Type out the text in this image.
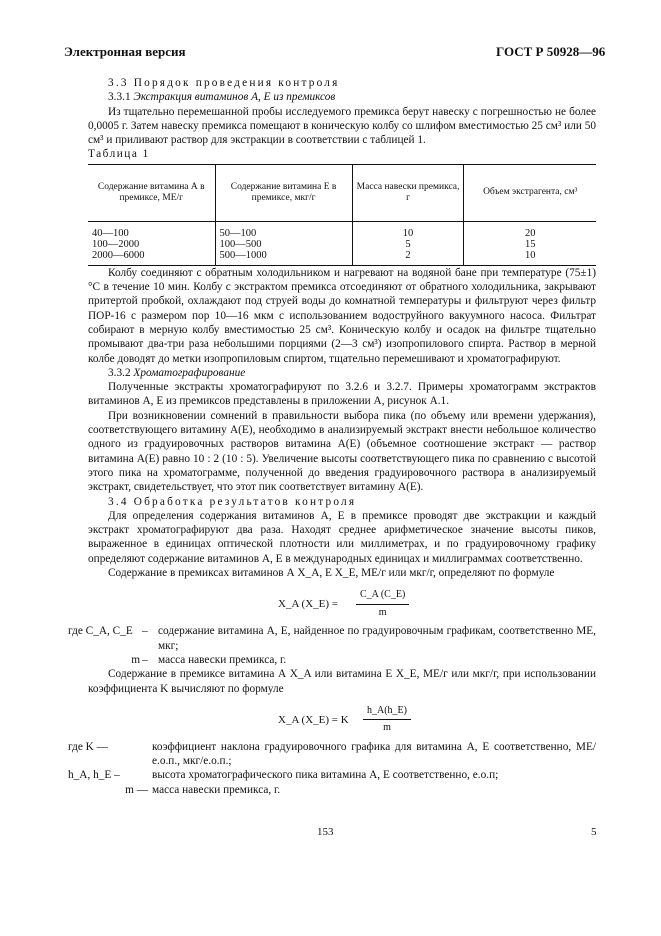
Электронная версия	ГОСТ Р 50928—96

3.3 Порядок проведения контроля

3.3.1 Экстракция витаминов А, Е из премиксов

Из тщательно перемешанной пробы исследуемого премикса берут навеску с погрешностью не более 0,0005 г. Затем навеску премикса помещают в коническую колбу со шлифом вместимостью 25 см³ или 50 см³ и приливают раствор для экстракции в соответствии с таблицей 1.

Таблица 1

Содержание витамина А в премиксе, МЕ/г	Содержание витамина Е в премиксе, мкг/г	Масса навески премикса, г	Объем экстрагента, см³
40—100	50—100	10	20
100—2000	100—500	5	15
2000—6000	500—1000	2	10

Колбу соединяют с обратным холодильником и нагревают на водяной бане при температуре (75±1) °С в течение 10 мин. Колбу с экстрактом премикса отсоединяют от обратного холодильника, закрывают притертой пробкой, охлаждают под струей воды до комнатной температуры и фильтруют через фильтр ПОР-16 с размером пор 10—16 мкм с использованием водоструйного вакуумного насоса. Фильтрат собирают в мерную колбу вместимостью 25 см³. Коническую колбу и осадок на фильтре тщательно промывают два-три раза небольшими порциями (2—3 см³) изопропилового спирта. Раствор в мерной колбе доводят до метки изопропиловым спиртом, тщательно перемешивают и хроматографируют.

3.3.2 Хроматографирование

Полученные экстракты хроматографируют по 3.2.6 и 3.2.7. Примеры хроматограмм экстрактов витаминов А, Е из премиксов представлены в приложении А, рисунок А.1.

При возникновении сомнений в правильности выбора пика (по объему или времени удержания), соответствующего витамину А(Е), необходимо в анализируемый экстракт внести небольшое количество одного из градуировочных растворов витамина А(Е) (объемное соотношение экстракт — раствор витамина А(Е) равно 10 : 2 (10 : 5). Увеличение высоты соответствующего пика по сравнению с высотой этого пика на хроматограмме, полученной до введения градуировочного раствора в анализируемый экстракт, свидетельствует, что этот пик соответствует витамину А(Е).

3.4 Обработка результатов контроля

Для определения содержания витаминов А, Е в премиксе проводят две экстракции и каждый экстракт хроматографируют два раза. Находят среднее арифметическое значение высоты пиков, выраженное в единицах оптической плотности или миллиметрах, и по градуировочному графику определяют содержание витаминов А, Е в международных единицах и миллиграммах соответственно.

Содержание в премиксах витаминов А X_A, Е X_E, МЕ/г или мкг/г, определяют по формуле

X_A (X_E) = $\frac{C\_A (C\_E)}{m}$
где C_A, C_E – содержание витамина А, Е, найденное по градуировочным графикам, соответственно МЕ, мкг;
m – масса навески премикса, г.

Содержание в премиксе витамина А X_A или витамина Е X_E, МЕ/г или мкг/г, при использовании коэффициента K вычисляют по формуле

X_A (X_E) = K $\frac{h\_A(h\_E)}{m}$
где K —	коэффициент наклона градуировочного графика для витамина А, Е соответственно, МЕ/е.о.п., мкг/е.о.п.;
h_A, h_E –	высота хроматографического пика витамина А, Е соответственно, е.о.п;
m — масса навески премикса, г.
153	5
